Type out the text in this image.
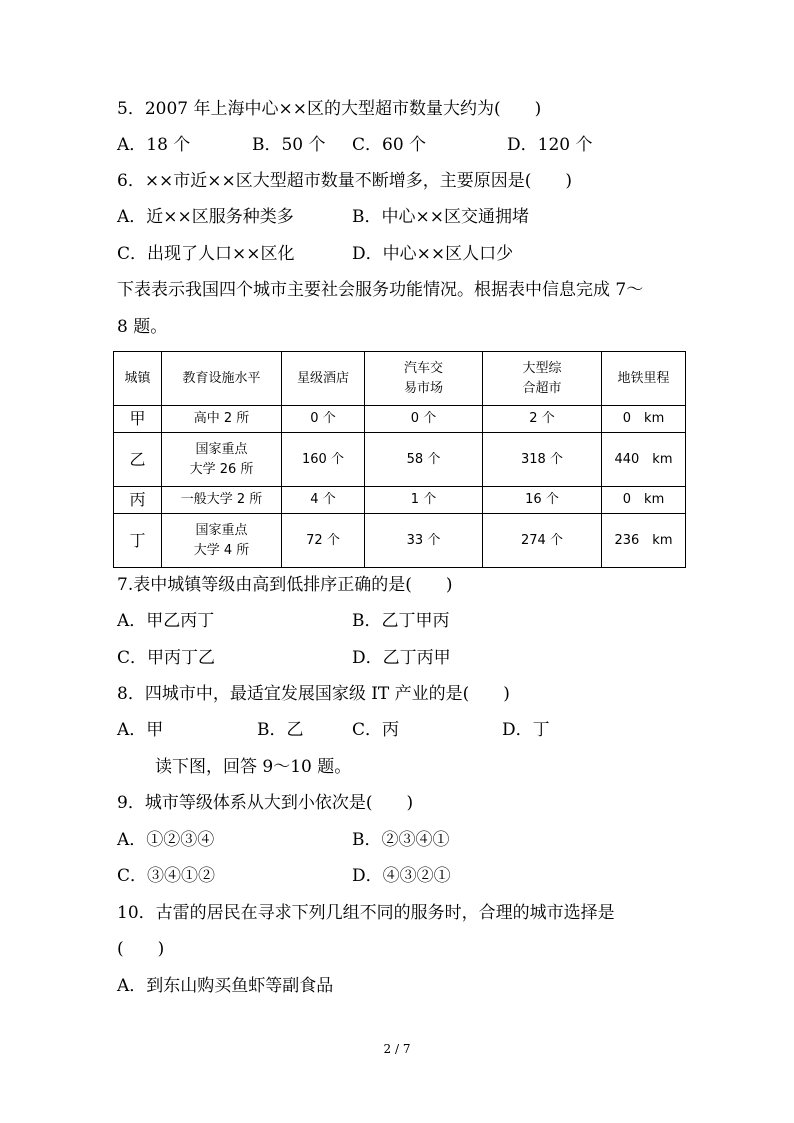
5．2007 年上海中心××区的大型超市数量大约为(　　)
A．18 个	B．50 个 C．60 个	D．120 个
6．××市近××区大型超市数量不断增多，主要原因是(　　)
A．近××区服务种类多	B．中心××区交通拥堵
C．出现了人口××区化	D．中心××区人口少
下表表示我国四个城市主要社会服务功能情况。根据表中信息完成 7～
8 题。
城镇	教育设施水平	星级酒店	汽车交
易市场	大型综
合超市	地铁里程

甲	高中 2 所	0 个	0 个	2 个	0　km
乙	国家重点
大学 26 所	160 个	58 个	318 个	440　km
丙	一般大学 2 所	4 个	1 个	16 个	0　km
丁	国家重点
大学 4 所	72 个	33 个	274 个	236　km
7.表中城镇等级由高到低排序正确的是(　　)
A．甲乙丙丁	B．乙丁甲丙
C．甲丙丁乙	D．乙丁丙甲
8．四城市中，最适宜发展国家级 IT 产业的是(　　)
A．甲	B．乙	C．丙	D．丁
读下图，回答 9～10 题。
9．城市等级体系从大到小依次是(　　)
A．①②③④	B．②③④①
C．③④①②	D．④③②①
10．古雷的居民在寻求下列几组不同的服务时，合理的城市选择是
(　　)
A．到东山购买鱼虾等副食品
2 / 7
